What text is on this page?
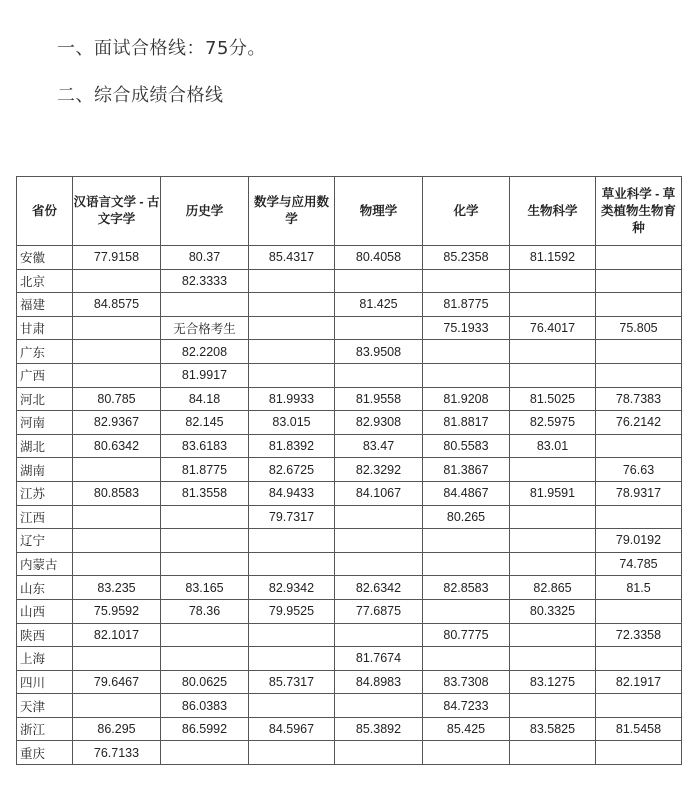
一、面试合格线：75分。
二、综合成绩合格线
省份	汉语言文学 - 古文字学	历史学	数学与应用数学	物理学	化学	生物科学	草业科学 - 草类植物生物育种
安徽	77.9158	80.37	85.4317	80.4058	85.2358	81.1592	
北京		82.3333					
福建	84.8575			81.425	81.8775		
甘肃		无合格考生			75.1933	76.4017	75.805
广东		82.2208		83.9508			
广西		81.9917					
河北	80.785	84.18	81.9933	81.9558	81.9208	81.5025	78.7383
河南	82.9367	82.145	83.015	82.9308	81.8817	82.5975	76.2142
湖北	80.6342	83.6183	81.8392	83.47	80.5583	83.01	
湖南		81.8775	82.6725	82.3292	81.3867		76.63
江苏	80.8583	81.3558	84.9433	84.1067	84.4867	81.9591	78.9317
江西			79.7317		80.265		
辽宁							79.0192
内蒙古							74.785
山东	83.235	83.165	82.9342	82.6342	82.8583	82.865	81.5
山西	75.9592	78.36	79.9525	77.6875		80.3325	
陕西	82.1017				80.7775		72.3358
上海				81.7674			
四川	79.6467	80.0625	85.7317	84.8983	83.7308	83.1275	82.1917
天津		86.0383			84.7233		
浙江	86.295	86.5992	84.5967	85.3892	85.425	83.5825	81.5458
重庆	76.7133						
